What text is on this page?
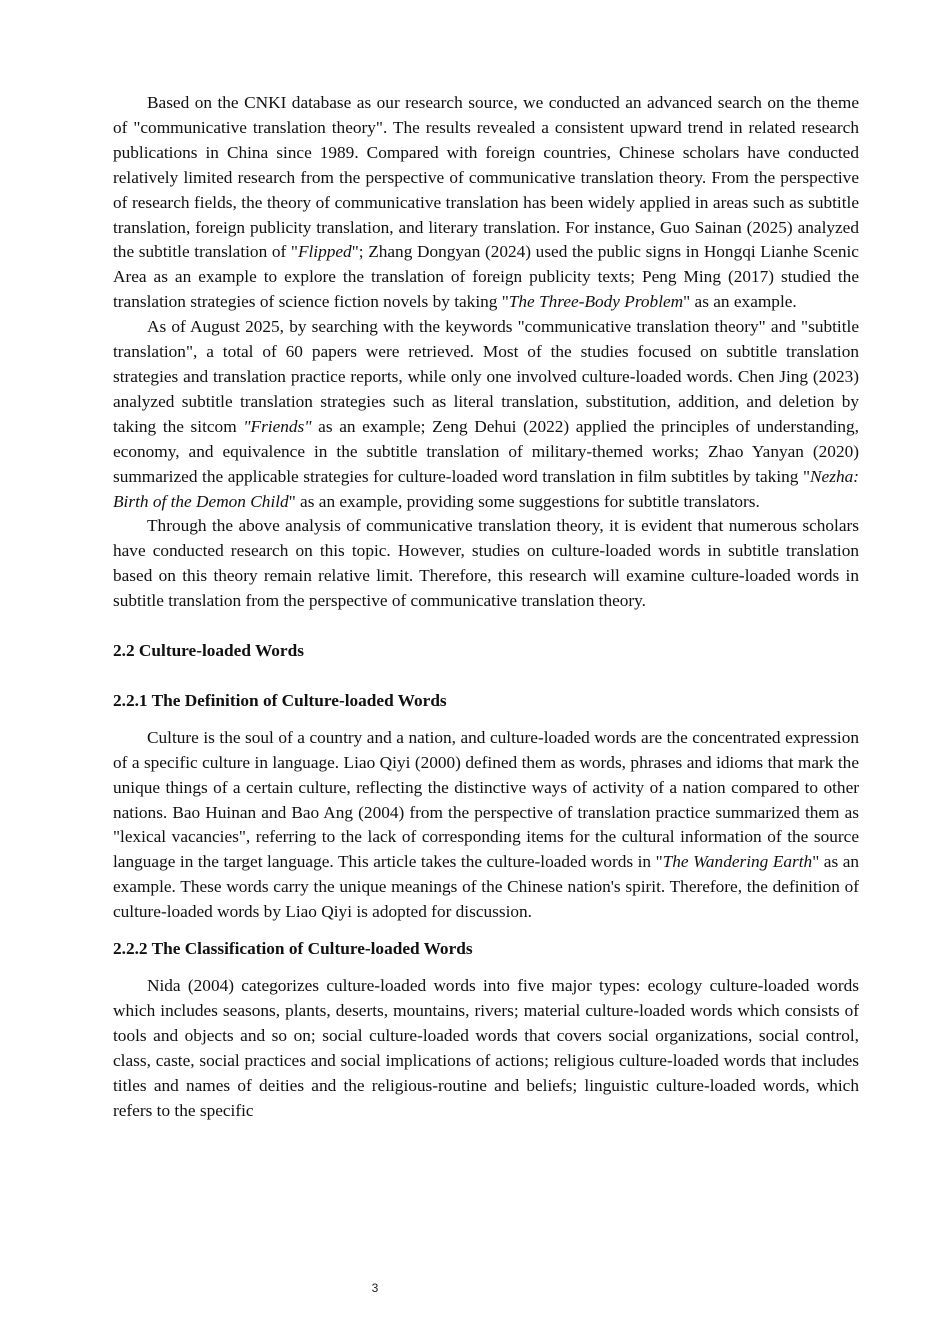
Based on the CNKI database as our research source, we conducted an advanced search on the theme of "communicative translation theory". The results revealed a consistent upward trend in related research publications in China since 1989. Compared with foreign countries, Chinese scholars have conducted relatively limited research from the perspective of communicative translation theory. From the perspective of research fields, the theory of communicative translation has been widely applied in areas such as subtitle translation, foreign publicity translation, and literary translation. For instance, Guo Sainan (2025) analyzed the subtitle translation of "Flipped"; Zhang Dongyan (2024) used the public signs in Hongqi Lianhe Scenic Area as an example to explore the translation of foreign publicity texts; Peng Ming (2017) studied the translation strategies of science fiction novels by taking "The Three-Body Problem" as an example.

As of August 2025, by searching with the keywords "communicative translation theory" and "subtitle translation", a total of 60 papers were retrieved. Most of the studies focused on subtitle translation strategies and translation practice reports, while only one involved culture-loaded words. Chen Jing (2023) analyzed subtitle translation strategies such as literal translation, substitution, addition, and deletion by taking the sitcom "Friends" as an example; Zeng Dehui (2022) applied the principles of understanding, economy, and equivalence in the subtitle translation of military-themed works; Zhao Yanyan (2020) summarized the applicable strategies for culture-loaded word translation in film subtitles by taking "Nezha: Birth of the Demon Child" as an example, providing some suggestions for subtitle translators.

Through the above analysis of communicative translation theory, it is evident that numerous scholars have conducted research on this topic. However, studies on culture-loaded words in subtitle translation based on this theory remain relative limit. Therefore, this research will examine culture-loaded words in subtitle translation from the perspective of communicative translation theory.

2.2 Culture-loaded Words

2.2.1 The Definition of Culture-loaded Words

Culture is the soul of a country and a nation, and culture-loaded words are the concentrated expression of a specific culture in language. Liao Qiyi (2000) defined them as words, phrases and idioms that mark the unique things of a certain culture, reflecting the distinctive ways of activity of a nation compared to other nations. Bao Huinan and Bao Ang (2004) from the perspective of translation practice summarized them as "lexical vacancies", referring to the lack of corresponding items for the cultural information of the source language in the target language. This article takes the culture-loaded words in "The Wandering Earth" as an example. These words carry the unique meanings of the Chinese nation's spirit. Therefore, the definition of culture-loaded words by Liao Qiyi is adopted for discussion.

2.2.2 The Classification of Culture-loaded Words

Nida (2004) categorizes culture-loaded words into five major types: ecology culture-loaded words which includes seasons, plants, deserts, mountains, rivers; material culture-loaded words which consists of tools and objects and so on; social culture-loaded words that covers social organizations, social control, class, caste, social practices and social implications of actions; religious culture-loaded words that includes titles and names of deities and the religious-routine and beliefs; linguistic culture-loaded words, which refers to the specific

3
